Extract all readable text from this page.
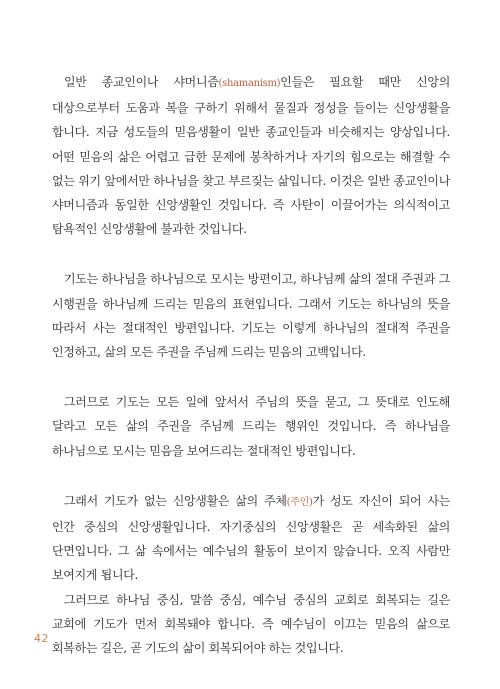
일반 종교인이나 샤머니즘(shamanism)인들은 필요할 때만 신앙의 대상으로부터 도움과 복을 구하기 위해서 물질과 정성을 들이는 신앙생활을 합니다. 지금 성도들의 믿음생활이 일반 종교인들과 비슷해지는 양상입니다. 어떤 믿음의 삶은 어렵고 급한 문제에 봉착하거나 자기의 힘으로는 해결할 수 없는 위기 앞에서만 하나님을 찾고 부르짖는 삶입니다. 이것은 일반 종교인이나 샤머니즘과 동일한 신앙생활인 것입니다. 즉 사탄이 이끌어가는 의식적이고 탐욕적인 신앙생활에 불과한 것입니다.

기도는 하나님을 하나님으로 모시는 방편이고, 하나님께 삶의 절대 주권과 그 시행권을 하나님께 드리는 믿음의 표현입니다. 그래서 기도는 하나님의 뜻을 따라서 사는 절대적인 방편입니다. 기도는 이렇게 하나님의 절대적 주권을 인정하고, 삶의 모든 주권을 주님께 드리는 믿음의 고백입니다.

그러므로 기도는 모든 일에 앞서서 주님의 뜻을 묻고, 그 뜻대로 인도해 달라고 모든 삶의 주권을 주님께 드리는 행위인 것입니다. 즉 하나님을 하나님으로 모시는 믿음을 보여드리는 절대적인 방편입니다.

그래서 기도가 없는 신앙생활은 삶의 주체(주인)가 성도 자신이 되어 사는 인간 중심의 신앙생활입니다. 자기중심의 신앙생활은 곧 세속화된 삶의 단면입니다. 그 삶 속에서는 예수님의 활동이 보이지 않습니다. 오직 사람만 보여지게 됩니다.

그러므로 하나님 중심, 말씀 중심, 예수님 중심의 교회로 회복되는 길은 교회에 기도가 먼저 회복돼야 합니다. 즉 예수님이 이끄는 믿음의 삶으로 회복하는 길은, 곧 기도의 삶이 회복되어야 하는 것입니다.

42
